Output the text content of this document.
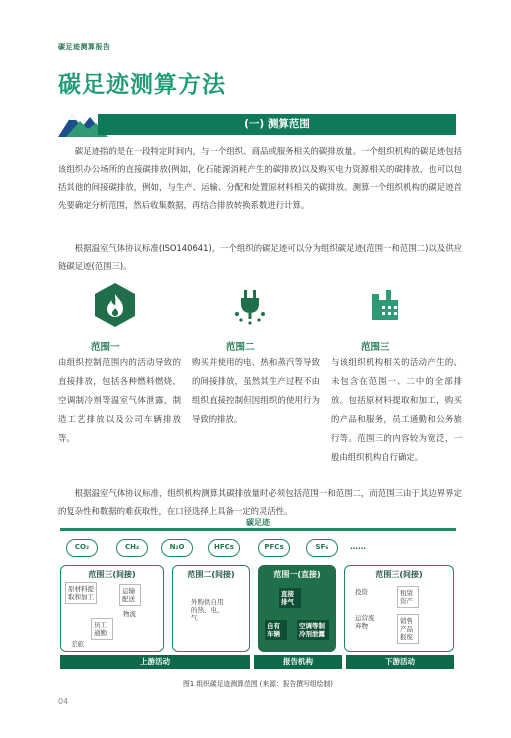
碳足迹测算报告
碳足迹测算方法
(一) 测算范围
碳足迹指的是在一段特定时间内，与一个组织、商品或服务相关的碳排放量。一个组织机构的碳足迹包括该组织办公场所的直接碳排放(例如，化石能源消耗产生的碳排放)以及购买电力资源相关的碳排放，也可以包括其他的间接碳排放，例如，与生产、运输、分配和处置原材料相关的碳排放。测算一个组织机构的碳足迹首先要确定分析范围，然后收集数据，再结合排放转换系数进行计算。
根据温室气体协议标准(ISO140641)，一个组织的碳足迹可以分为组织碳足迹(范围一和范围二)以及供应链碳足迹(范围三)。
范围一	范围二	范围三
由组织控制范围内的活动导致的直接排放，包括各种燃料燃烧，空调制冷剂等温室气体泄露，制造工艺排放以及公司车辆排放等。
购买并使用的电、热和蒸汽等导致的间接排放，虽然其生产过程不由组织直接控制但因组织的使用行为导致的排放。
与该组织机构相关的活动产生的、未包含在范围一、二中的全部排放。包括原材料提取和加工，购买的产品和服务，员工通勤和公务旅行等。范围三的内容较为宽泛，一般由组织机构自行确定。
根据温室气体协议标准，组织机构测算其碳排放量时必须包括范围一和范围二，而范围三由于其边界界定的复杂性和数据的难获取性，在口径选择上具备一定的灵活性。
碳足迹
CO₂	CH₄	N₂O	HFCs	PFCs	SF₆	……
范围三(间接)
原材料提取和加工
运输配送
物流
员工通勤
差旅
范围二(间接)
外购供自用的热、电、气
范围一(直接)
直接排气
自有车辆
空调等制冷剂泄露
范围三(间接)
投资	租赁资产
运营废弃物
销售产品报废
上游活动	报告机构	下游活动
图1 组织碳足迹测算范围 (来源：报告撰写组绘制)
04
